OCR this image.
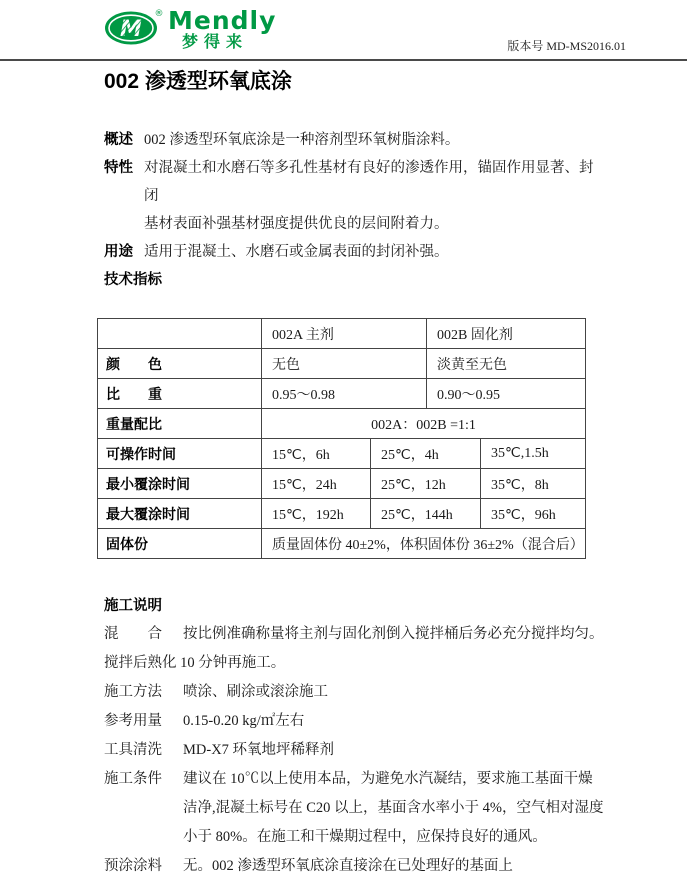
M
® Mendly
梦得来	版本号 MD-MS2016.01
002 渗透型环氧底涂
概述 002 渗透型环氧底涂是一种溶剂型环氧树脂涂料。
特性 对混凝土和水磨石等多孔性基材有良好的渗透作用，锚固作用显著、封闭
基材表面补强基材强度提供优良的层间附着力。
用途 适用于混凝土、水磨石或金属表面的封闭补强。
技术指标
	002A 主剂		002B 固化剂	
颜　　色	无色		淡黄至无色	
比　　重	0.95～0.98		0.90～0.95	
重量配比	002A：002B =1:1			
可操作时间	15℃，6h	25℃，4h		35℃,1.5h
最小覆涂时间	15℃，24h	25℃，12h		35℃，8h
最大覆涂时间	15℃，192h	25℃，144h		35℃，96h
固体份	质量固体份 40±2%，体积固体份 36±2%（混合后）			
施工说明
混　　合	按比例准确称量将主剂与固化剂倒入搅拌桶后务必充分搅拌均匀。
搅拌后熟化 10 分钟再施工。
施工方法	喷涂、刷涂或滚涂施工
参考用量	0.15-0.20 kg/㎡左右
工具清洗	MD-X7 环氧地坪稀释剂
施工条件	建议在 10℃以上使用本品，为避免水汽凝结，要求施工基面干燥
洁净,混凝土标号在 C20 以上，基面含水率小于 4%，空气相对湿度
小于 80%。在施工和干燥期过程中，应保持良好的通风。
预涂涂料	无。002 渗透型环氧底涂直接涂在已处理好的基面上
